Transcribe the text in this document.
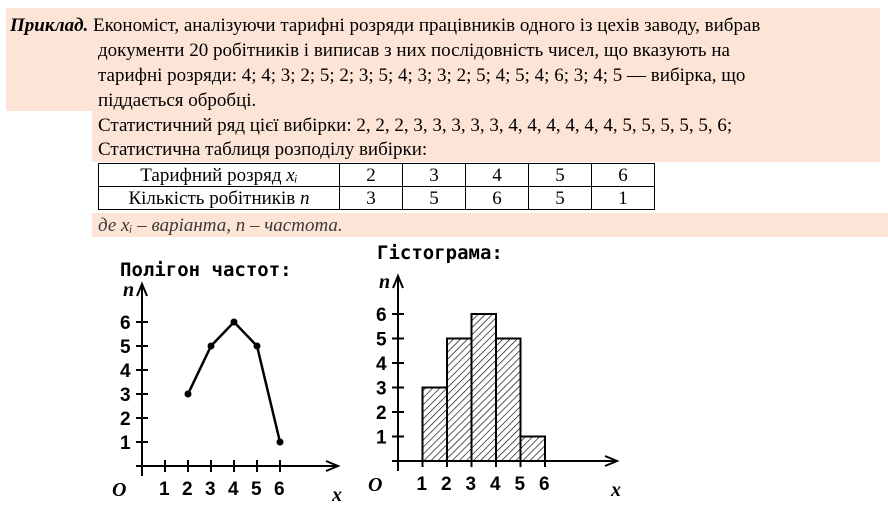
Приклад. Економіст, аналізуючи тарифні розряди працівників одного із цехів заводу, вибрав
документи 20 робітників і виписав з них послідовність чисел, що вказують на
тарифні розряди: 4; 4; 3; 2; 5; 2; 3; 5; 4; 3; 3; 2; 5; 4; 5; 4; 6; 3; 4; 5 — вибірка, що
піддається обробці.
Статистичний ряд цієї вибірки: 2, 2, 2, 3, 3, 3, 3, 3, 4, 4, 4, 4, 4, 4, 5, 5, 5, 5, 5, 6;
Статистична таблиця розподілу вибірки:
Тарифний розряд xᵢ	2	3	4	5	6
Кількість робітників n	3	5	6	5	1
де xᵢ – варіанта, n – частота.
Полігон частот:
n
x
O
1
2
3
4
5
6
1 2 3 4 5 6
Гістограма:
n
x
O
1
2
3
4
5
6
1 2 3 4 5 6
